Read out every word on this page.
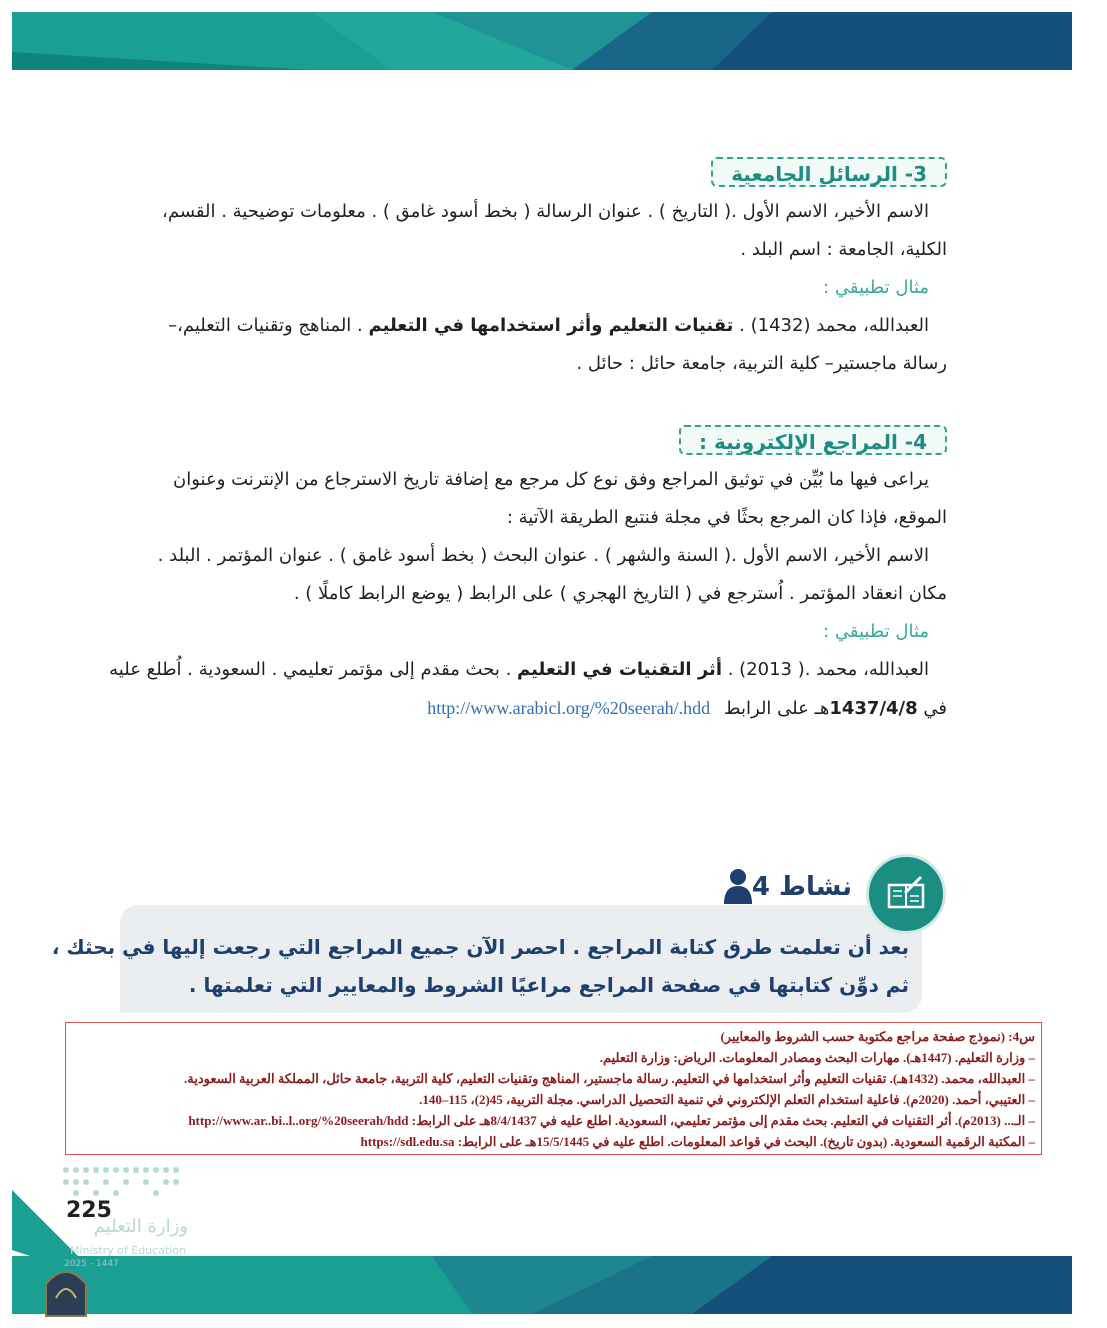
3- الرسائل الجامعية
الاسم الأخير، الاسم الأول .( التاريخ ) . عنوان الرسالة ( بخط أسود غامق ) . معلومات توضيحية . القسم،
الكلية، الجامعة : اسم البلد .
مثال تطبيقي :
العبدالله، محمد (1432) . تقنيات التعليم وأثر استخدامها في التعليم . المناهج وتقنيات التعليم،–
رسالة ماجستير– كلية التربية، جامعة حائل : حائل .
4- المراجع الإلكترونية :
يراعى فيها ما بُيِّن في توثيق المراجع وفق نوع كل مرجع مع إضافة تاريخ الاسترجاع من الإنترنت وعنوان
الموقع، فإذا كان المرجع بحثًا في مجلة فنتبع الطريقة الآتية :
الاسم الأخير، الاسم الأول .( السنة والشهر ) . عنوان البحث ( بخط أسود غامق ) . عنوان المؤتمر . البلد .
مكان انعقاد المؤتمر . اُسترجع في ( التاريخ الهجري ) على الرابط ( يوضع الرابط كاملًا ) .
مثال تطبيقي :
العبدالله، محمد .( 2013) . أثر التقنيات في التعليم . بحث مقدم إلى مؤتمر تعليمي . السعودية . اُطلع عليه
في 1437/4/8هـ على الرابط http://www.arabicl.org/%20seerah/.hdd
نشاط 4
بعد أن تعلمت طرق كتابة المراجع . احصر الآن جميع المراجع التي رجعت إليها في بحثك ،
ثم دوِّن كتابتها في صفحة المراجع مراعيًا الشروط والمعايير التي تعلمتها .
س4: (نموذج صفحة مراجع مكتوبة حسب الشروط والمعايير)
– وزارة التعليم. (1447هـ). مهارات البحث ومصادر المعلومات. الرياض: وزارة التعليم.
– العبدالله، محمد. (1432هـ). تقنيات التعليم وأثر استخدامها في التعليم. رسالة ماجستير، المناهج وتقنيات التعليم، كلية التربية، جامعة حائل، المملكة العربية السعودية.
– العتيبي، أحمد. (2020م). فاعلية استخدام التعلم الإلكتروني في تنمية التحصيل الدراسي. مجلة التربية، 45(2)، 115–140.
– الـ... (2013م). أثر التقنيات في التعليم. بحث مقدم إلى مؤتمر تعليمي، السعودية. اطلع عليه في 8/4/1437هـ على الرابط: http://www.ar..bi..l..org/%20seerah/hdd
– المكتبة الرقمية السعودية. (بدون تاريخ). البحث في قواعد المعلومات. اطلع عليه في 15/5/1445هـ على الرابط: https://sdl.edu.sa
225
وزارة التعليم
Ministry of Education
2025 - 1447
